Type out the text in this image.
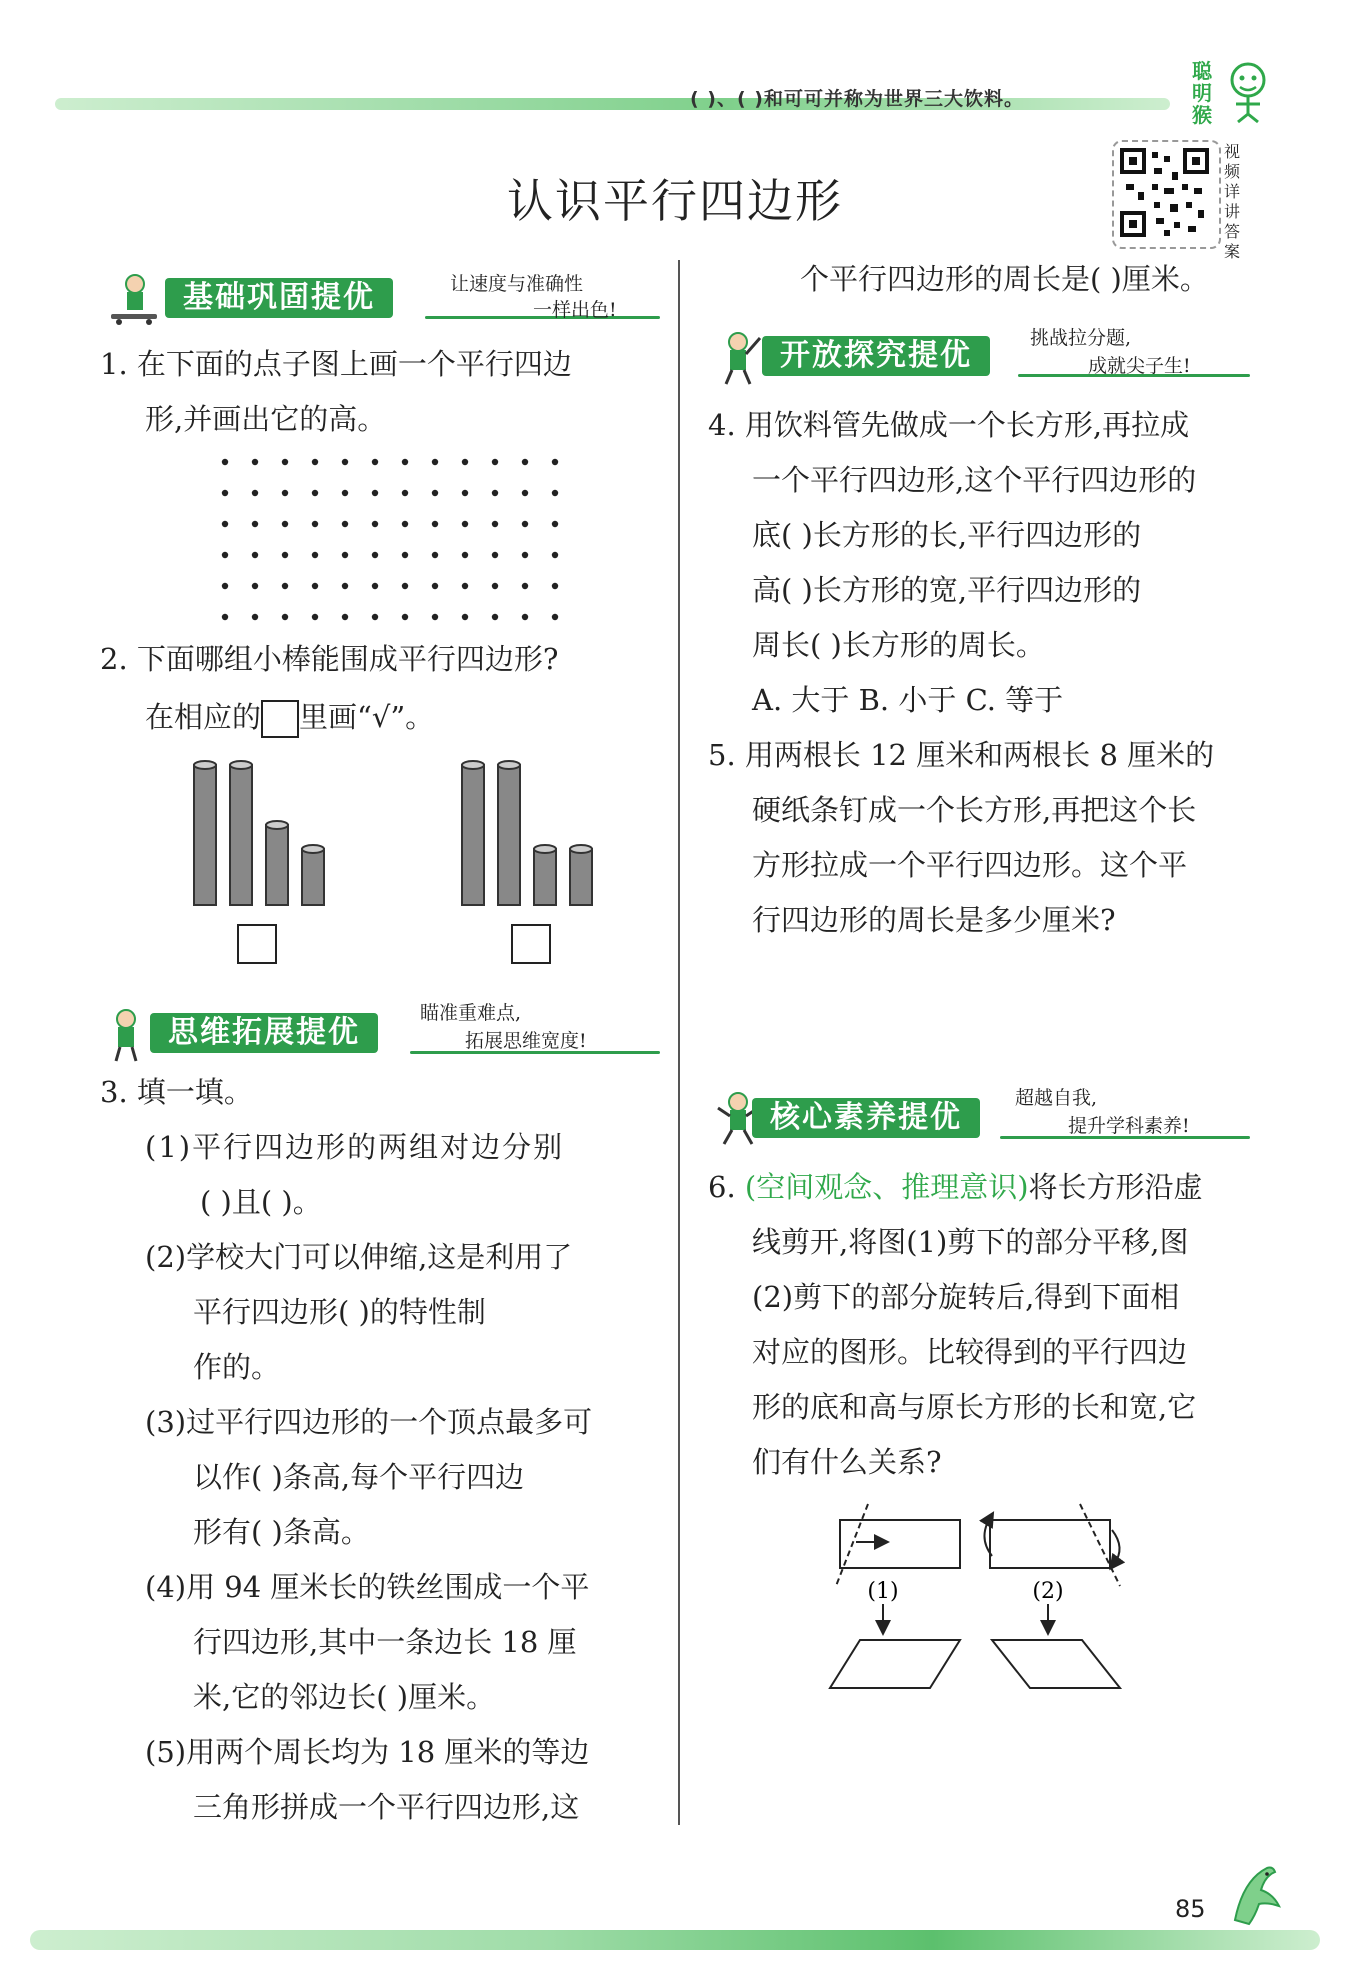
( )、( )和可可并称为世界三大饮料。
聪明猴
认识平行四边形
视频详讲答案
基础巩固提优	让速度与准确性
一样出色!
1. 在下面的点子图上画一个平行四边
形,并画出它的高。
2. 下面哪组小棒能围成平行四边形?
在相应的 里画“√”。
思维拓展提优
瞄准重难点,
拓展思维宽度!
3. 填一填。
(1)平行四边形的两组对边分别
( )且( )。
(2)学校大门可以伸缩,这是利用了
平行四边形( )的特性制
作的。
(3)过平行四边形的一个顶点最多可
以作( )条高,每个平行四边
形有( )条高。
(4)用 94 厘米长的铁丝围成一个平
行四边形,其中一条边长 18 厘
米,它的邻边长( )厘米。
(5)用两个周长均为 18 厘米的等边
三角形拼成一个平行四边形,这
个平行四边形的周长是( )厘米。
开放探究提优	挑战拉分题,
成就尖子生!
4. 用饮料管先做成一个长方形,再拉成
一个平行四边形,这个平行四边形的
底( )长方形的长,平行四边形的
高( )长方形的宽,平行四边形的
周长( )长方形的周长。
A. 大于 B. 小于 C. 等于
5. 用两根长 12 厘米和两根长 8 厘米的
硬纸条钉成一个长方形,再把这个长
方形拉成一个平行四边形。这个平
行四边形的周长是多少厘米?
核心素养提优
超越自我,
提升学科素养!
6. (空间观念、推理意识)将长方形沿虚
线剪开,将图(1)剪下的部分平移,图
(2)剪下的部分旋转后,得到下面相
对应的图形。比较得到的平行四边
形的底和高与原长方形的长和宽,它
们有什么关系?
(1)	(2)
85
